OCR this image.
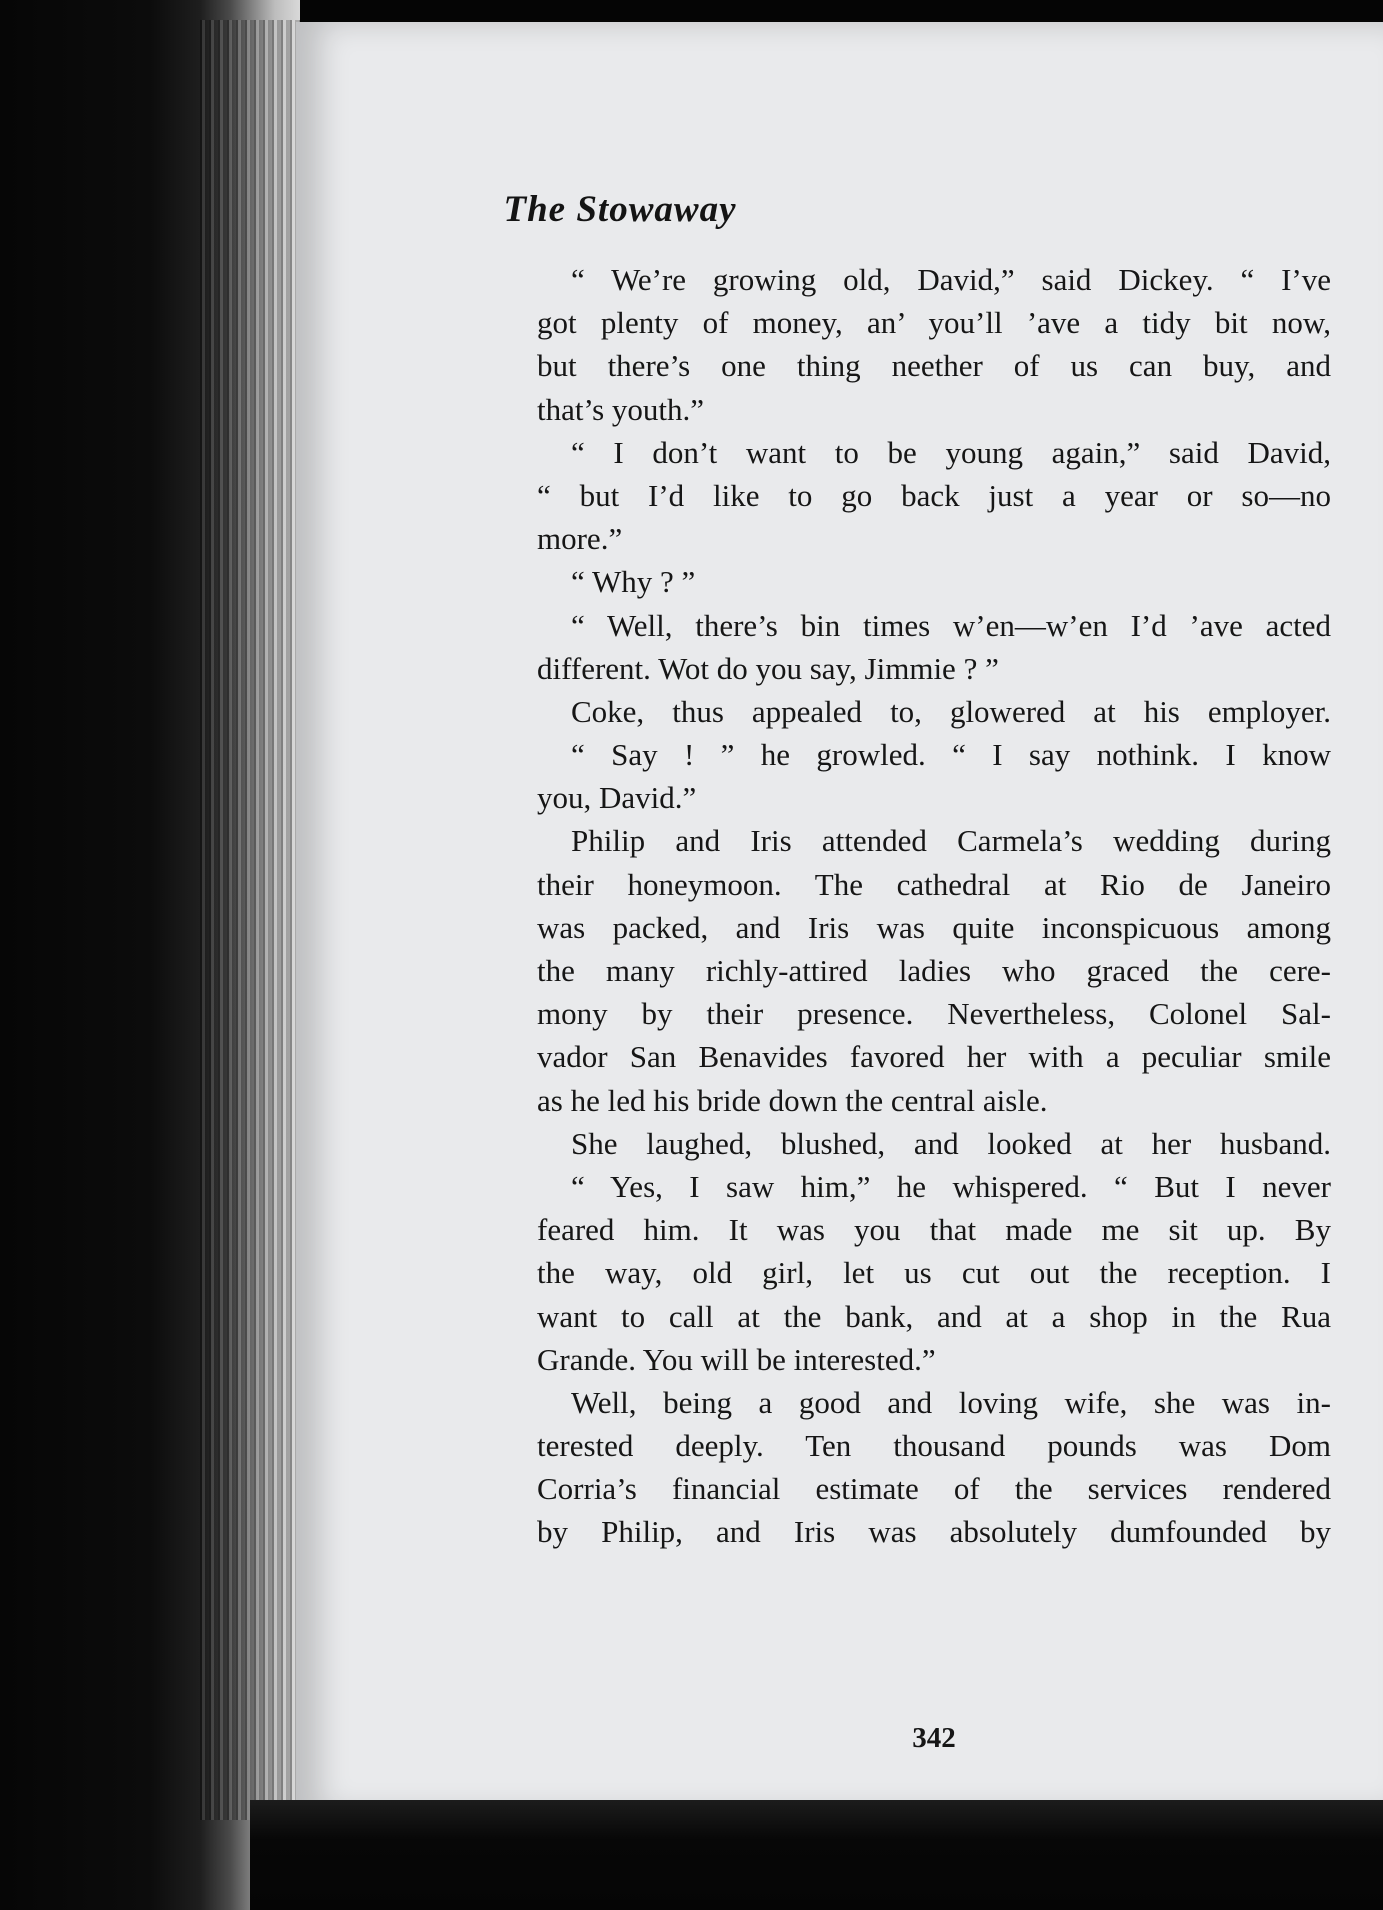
The Stowaway
“ We’re growing old, David,” said Dickey. “ I’ve
got plenty of money, an’ you’ll ’ave a tidy bit now,
but there’s one thing neether of us can buy, and
that’s youth.”
“ I don’t want to be young again,” said David,
“ but I’d like to go back just a year or so—no
more.”
“ Why ? ”
“ Well, there’s bin times w’en—w’en I’d ’ave acted
different. Wot do you say, Jimmie ? ”
Coke, thus appealed to, glowered at his employer.
“ Say ! ” he growled. “ I say nothink. I know
you, David.”
Philip and Iris attended Carmela’s wedding during
their honeymoon. The cathedral at Rio de Janeiro
was packed, and Iris was quite inconspicuous among
the many richly-attired ladies who graced the cere-
mony by their presence. Nevertheless, Colonel Sal-
vador San Benavides favored her with a peculiar smile
as he led his bride down the central aisle.
She laughed, blushed, and looked at her husband.
“ Yes, I saw him,” he whispered. “ But I never
feared him. It was you that made me sit up. By
the way, old girl, let us cut out the reception. I
want to call at the bank, and at a shop in the Rua
Grande. You will be interested.”
Well, being a good and loving wife, she was in-
terested deeply. Ten thousand pounds was Dom
Corria’s financial estimate of the services rendered
by Philip, and Iris was absolutely dumfounded by
342
